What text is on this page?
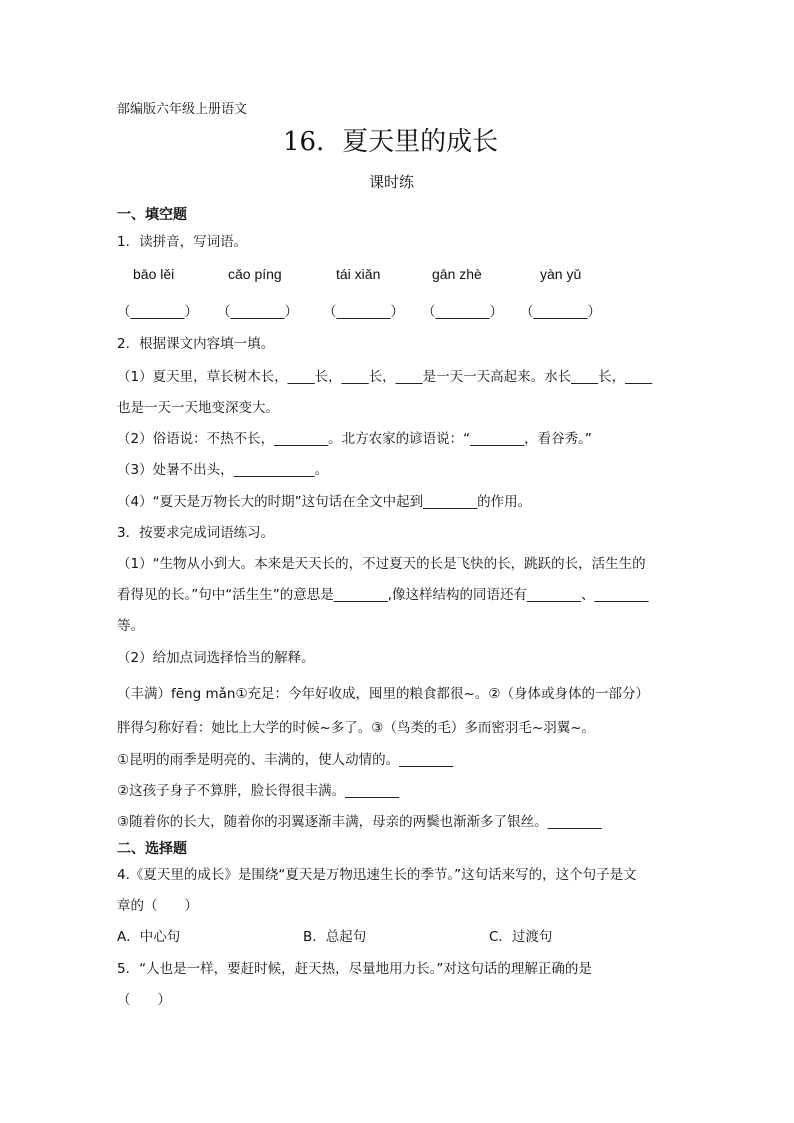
部编版六年级上册语文
16．夏天里的成长
课时练
一、填空题
1．读拼音，写词语。
bāo lěi	cǎo píng	tái xiǎn	gān zhè	yàn yǔ
（________） （________） （________） （________） （________）
2．根据课文内容填一填。
（1）夏天里，草长树木长，____长，____长，____是一天一天高起来。水长____长，____
也是一天一天地变深变大。
（2）俗语说：不热不长，________。北方农家的谚语说：“________，看谷秀。”
（3）处暑不出头，____________。
（4）“夏天是万物长大的时期”这句话在全文中起到________的作用。
3．按要求完成词语练习。
（1）“生物从小到大。本来是天天长的，不过夏天的长是飞快的长，跳跃的长，活生生的
看得见的长。”句中“活生生”的意思是________,像这样结构的同语还有________、________
等。
（2）给加点词选择恰当的解释。
（丰满）fēng mǎn①充足：今年好收成，囤里的粮食都很~。②（身体或身体的一部分）
胖得匀称好看：她比上大学的时候~多了。③（鸟类的毛）多而密羽毛~羽翼~。
①昆明的雨季是明亮的、丰满的，使人动情的。________
②这孩子身子不算胖，脸长得很丰满。________
③随着你的长大，随着你的羽翼逐渐丰满，母亲的两鬓也渐渐多了银丝。________
二、选择题
4.《夏天里的成长》是围绕“夏天是万物迅速生长的季节。”这句话来写的，这个句子是文
章的（　　）
A．中心句	B．总起句	C．过渡句
5．“人也是一样，要赶时候，赶天热，尽量地用力长。”对这句话的理解正确的是
（　　）
